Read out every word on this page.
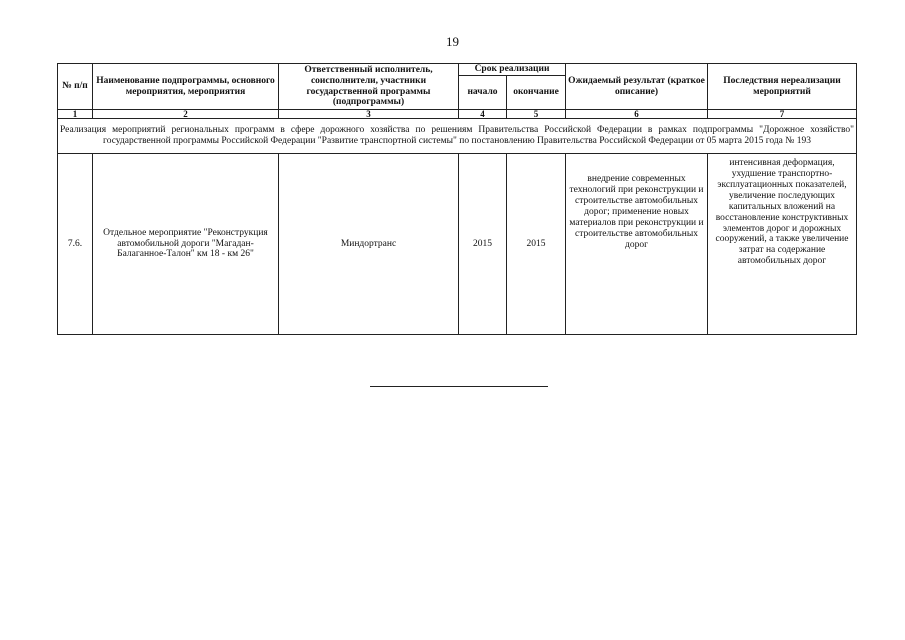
19
№ п/п	Наименование подпрограммы, основного мероприятия, мероприятия	Ответственный исполнитель, соисполнители, участники государственной программы (подпрограммы)	Срок реализации		Ожидаемый результат (краткое описание)	Последствия нереализации мероприятий
			начало	окончание		
1	2	3	4	5	6	7

Реализация мероприятий региональных программ в сфере дорожного хозяйства по решениям Правительства Российской Федерации в рамках подпрограммы "Дорожное хозяйство" государственной программы Российской Федерации "Развитие транспортной системы" по постановлению Правительства Российской Федерации от 05 марта 2015 года № 193						

7.6.	Отдельное мероприятие "Реконструкция автомобильной дороги "Магадан-Балаганное-Талон" км 18 - км 26"	Миндортранс	2015	2015	внедрение современных технологий при реконструкции и строительстве автомобильных дорог; применение новых материалов при реконструкции и строительстве автомобильных дорог	интенсивная деформация, ухудшение транспортно-эксплуатационных показателей, увеличение последующих капитальных вложений на восстановление конструктивных элементов дорог и дорожных сооружений, а также увеличение затрат на содержание автомобильных дорог
